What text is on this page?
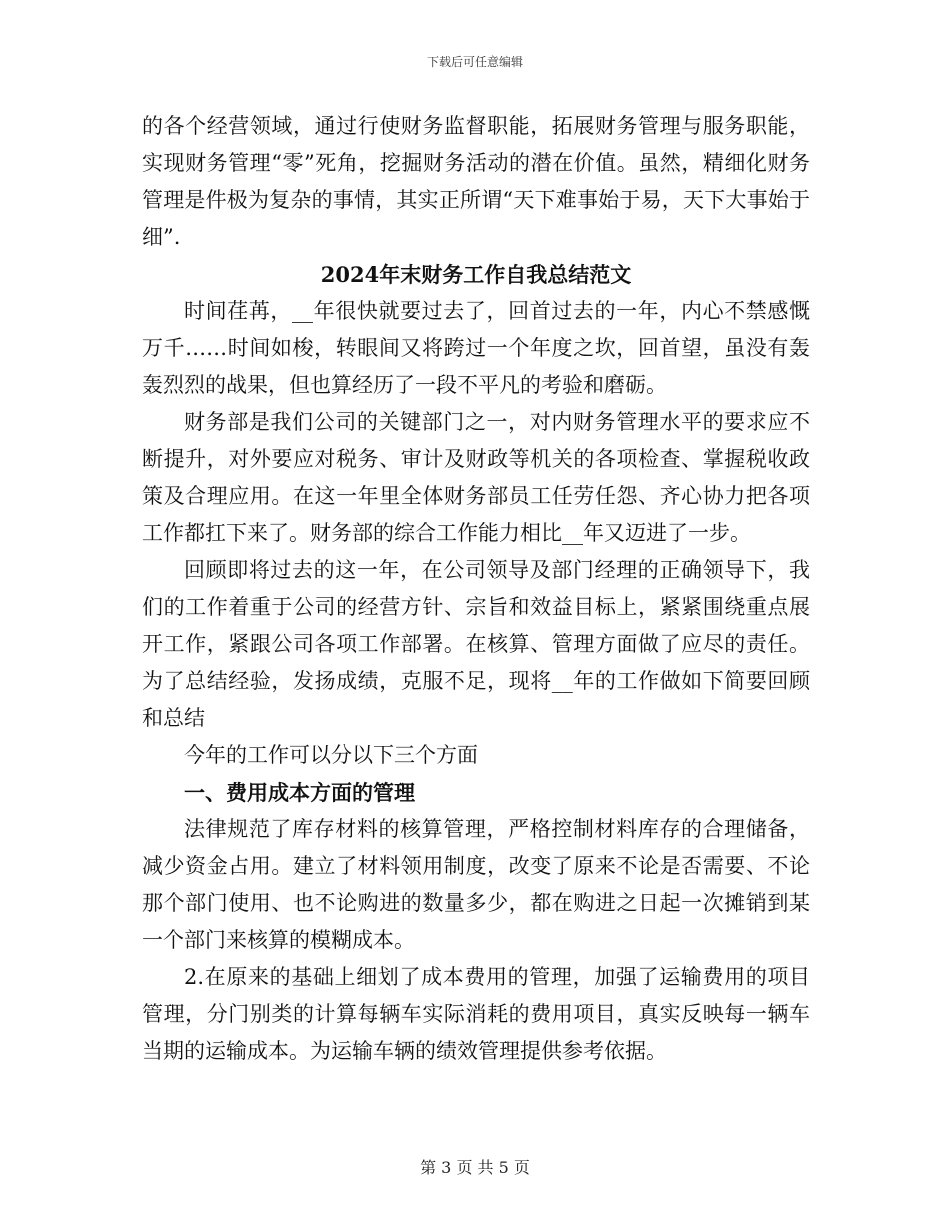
下载后可任意编辑

的各个经营领域，通过行使财务监督职能，拓展财务管理与服务职能，实现财务管理“零”死角，挖掘财务活动的潜在价值。虽然，精细化财务管理是件极为复杂的事情，其实正所谓“天下难事始于易，天下大事始于细”.

2024年末财务工作自我总结范文

时间荏苒，__年很快就要过去了，回首过去的一年，内心不禁感慨万千……时间如梭，转眼间又将跨过一个年度之坎，回首望，虽没有轰轰烈烈的战果，但也算经历了一段不平凡的考验和磨砺。

财务部是我们公司的关键部门之一，对内财务管理水平的要求应不断提升，对外要应对税务、审计及财政等机关的各项检查、掌握税收政策及合理应用。在这一年里全体财务部员工任劳任怨、齐心协力把各项工作都扛下来了。财务部的综合工作能力相比__年又迈进了一步。

回顾即将过去的这一年，在公司领导及部门经理的正确领导下，我们的工作着重于公司的经营方针、宗旨和效益目标上，紧紧围绕重点展开工作，紧跟公司各项工作部署。在核算、管理方面做了应尽的责任。为了总结经验，发扬成绩，克服不足，现将__年的工作做如下简要回顾和总结

今年的工作可以分以下三个方面

一、费用成本方面的管理

法律规范了库存材料的核算管理，严格控制材料库存的合理储备，减少资金占用。建立了材料领用制度，改变了原来不论是否需要、不论那个部门使用、也不论购进的数量多少，都在购进之日起一次摊销到某一个部门来核算的模糊成本。

2.在原来的基础上细划了成本费用的管理，加强了运输费用的项目管理，分门别类的计算每辆车实际消耗的费用项目，真实反映每一辆车当期的运输成本。为运输车辆的绩效管理提供参考依据。

第 3 页 共 5 页
